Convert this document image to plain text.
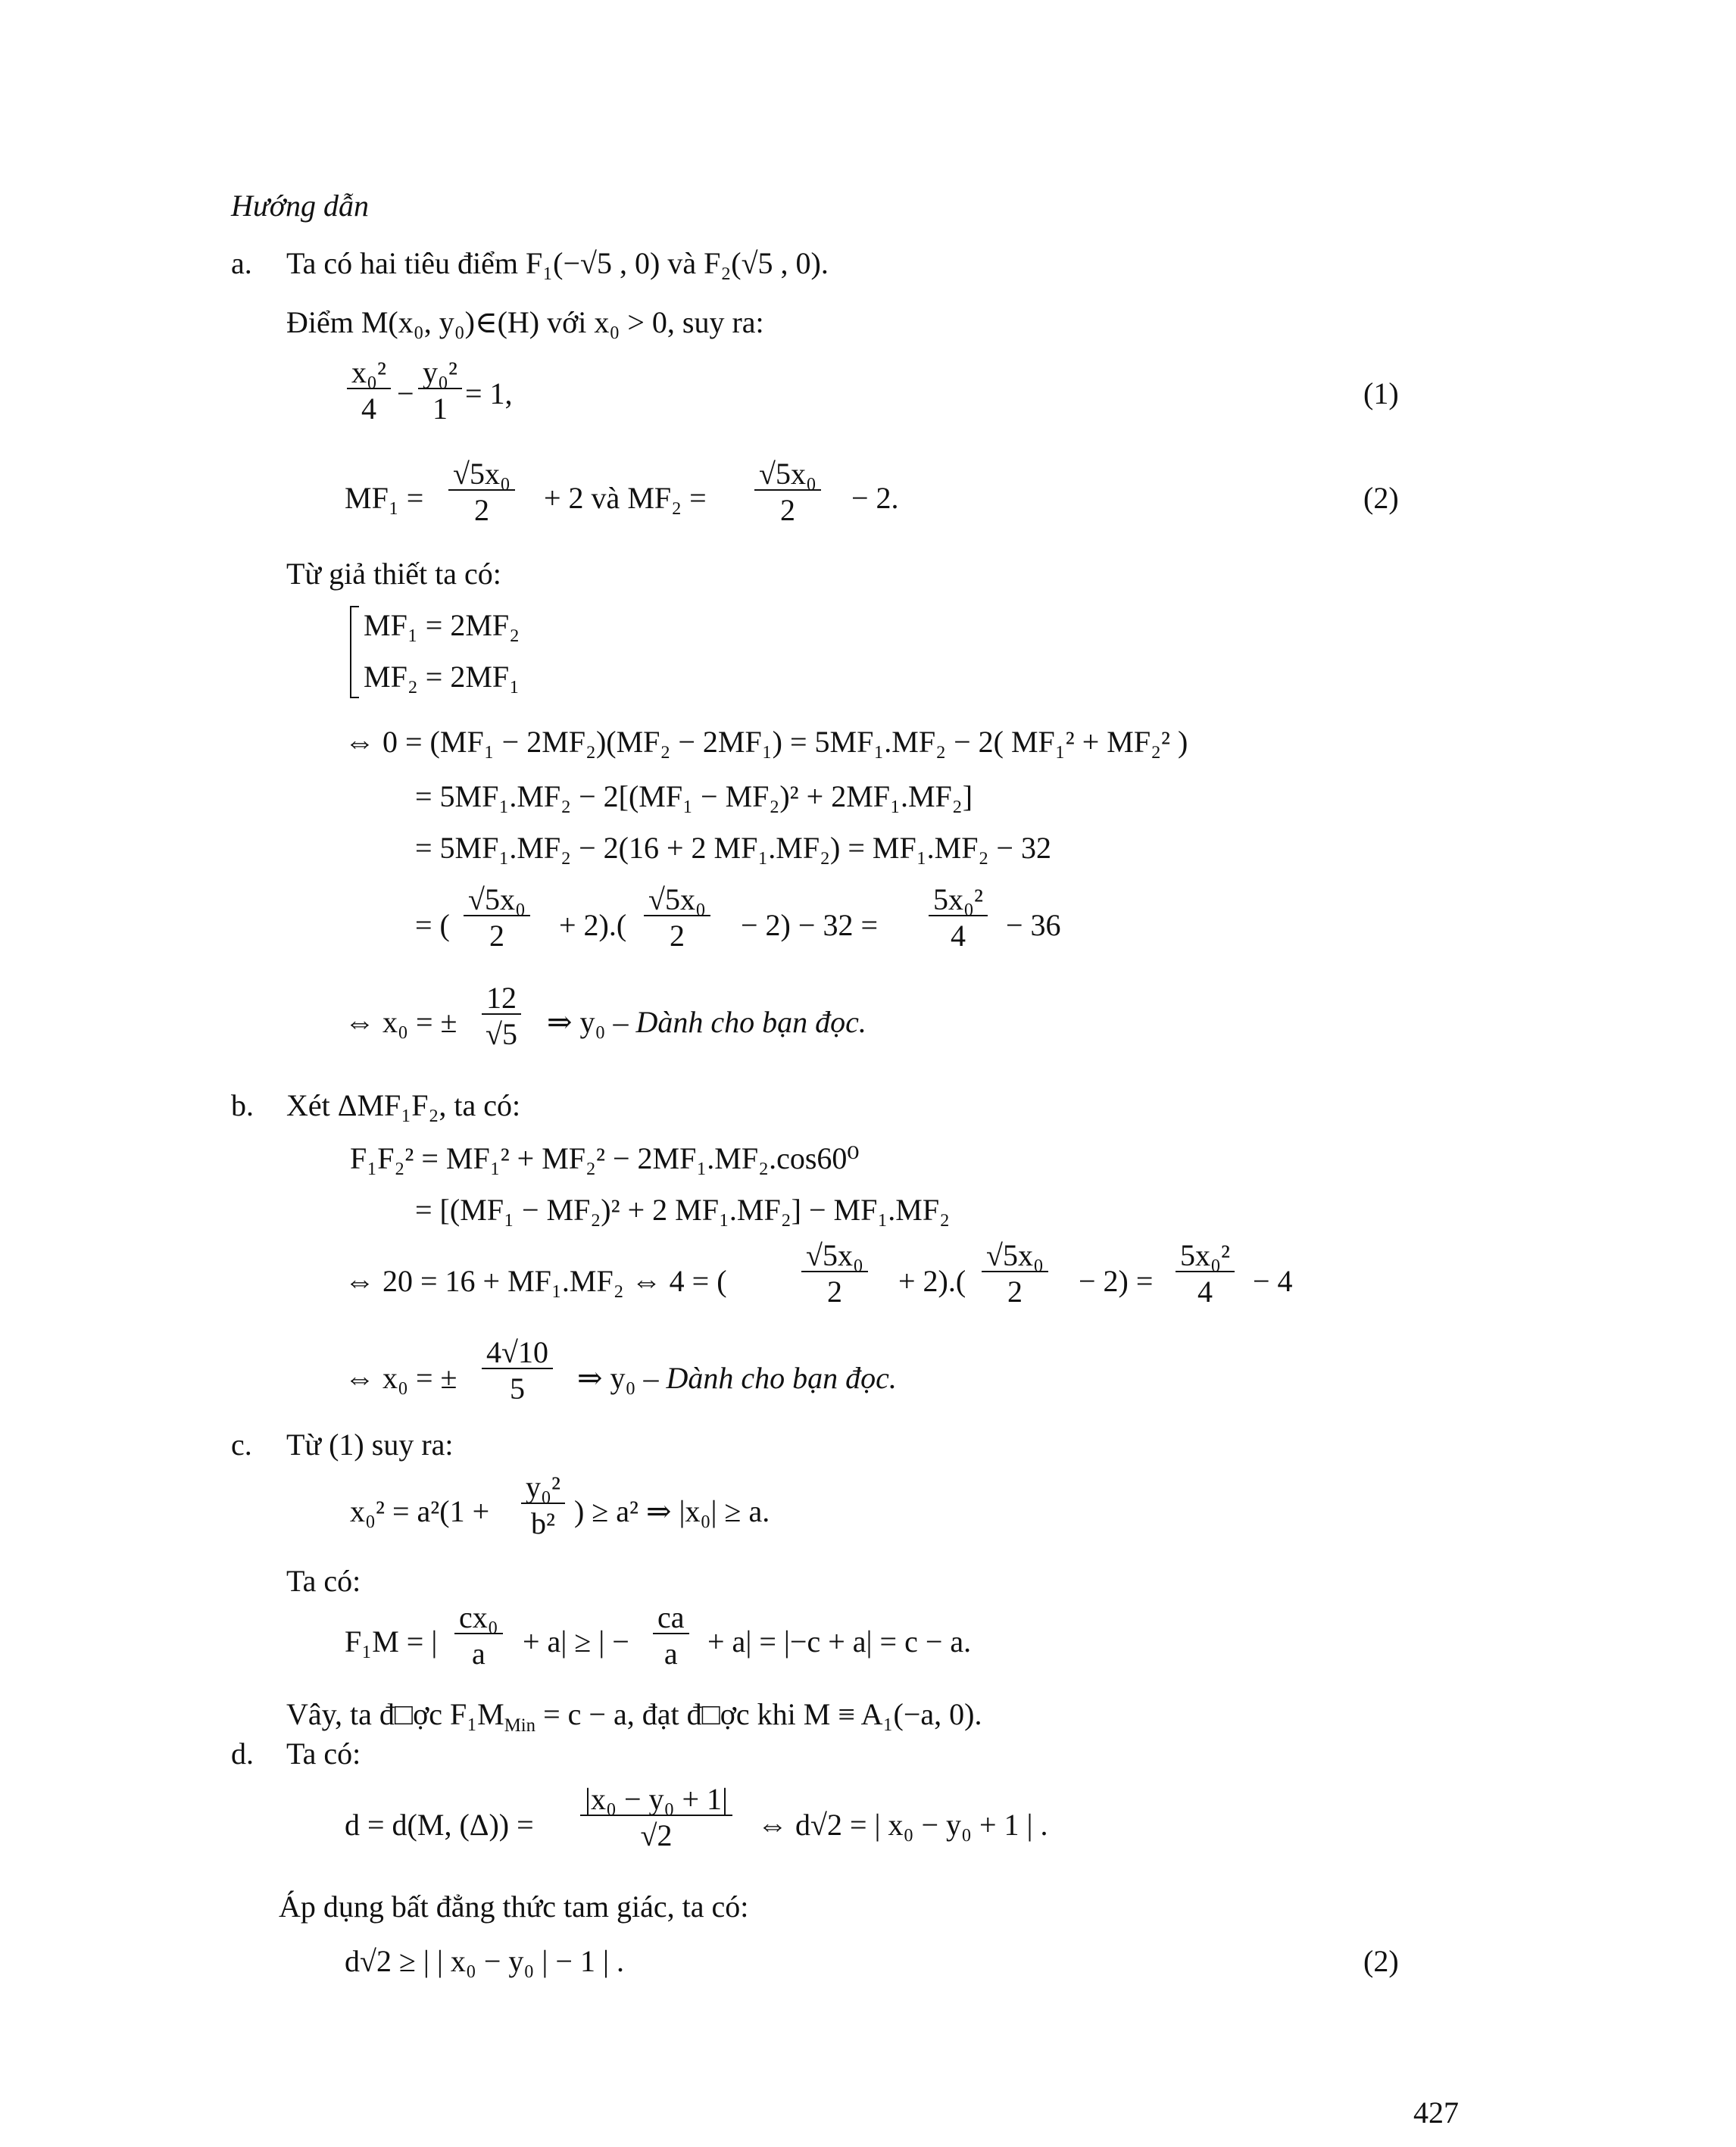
Hướng dẫn
a. Ta có hai tiêu điểm F₁(−√5 , 0) và F₂(√5 , 0).
Điểm M(x₀, y₀)∈(H) với x₀ > 0, suy ra:
$\frac{\text{x₀²}}{4} - \frac{\text{y₀²}}{1} = 1$,	(1)
$MF_1 = \frac{\text{√5x₀}}{2} + 2$ và $MF_2 = \frac{\text{√5x₀}}{2} - 2$.	(2)
Từ giả thiết ta có:
MF₁ = 2MF₂
MF₂ = 2MF₁
⇔ 0 = (MF₁ − 2MF₂)(MF₂ − 2MF₁) = 5MF₁.MF₂ − 2( MF₁² + MF₂² )
= 5MF₁.MF₂ − 2[(MF₁ − MF₂)² + 2MF₁.MF₂]
= 5MF₁.MF₂ − 2(16 + 2 MF₁.MF₂) = MF₁.MF₂ − 32
= ( $\frac{\text{√5x₀}}{2} + 2).( \frac{\text{√5x₀}}{2} - 2) - 32 = \frac{\text{5x₀²}}{4} - 36$
⇔ x₀ = ± $\frac{12}{√5}$ ⇒ y₀ – Dành cho bạn đọc.
b. Xét ΔMF₁F₂, ta có:
F₁F₂² = MF₁² + MF₂² − 2MF₁.MF₂.cos60⁰
= [(MF₁ − MF₂)² + 2 MF₁.MF₂] − MF₁.MF₂
⇔ 20 = 16 + MF₁.MF₂ ⇔ 4 = ( $\frac{\text{√5x₀}}{2} + 2).( \frac{\text{√5x₀}}{2} - 2) = \frac{\text{5x₀²}}{4} - 4$
⇔ x₀ = ± $\frac{4√10}{5}$ ⇒ y₀ – Dành cho bạn đọc.
c. Từ (1) suy ra:
$x_0^2 = a^2(1 + \frac{\text{y₀²}}{\text{b²}}$ ) ≥ a² ⇒ |x₀| ≥ a.
Ta có:
F₁M = | $\frac{\text{cx₀}}{a} + a|$ ≥ | − $\frac{ca}{a} + a| = |-c + a| = c - a$.
Vây, ta đ□ợc $F_1M_{Min} = c - a$, đạt đ□ợc khi M ≡ A₁(−a, 0).
d. Ta có:
d = d(M, $(\Delta)) = \frac{\text{|x₀ − y₀ + 1|}}{√2}$ ⇔ d√2 = | x₀ − y₀ + 1 | .
Áp dụng bất đẳng thức tam giác, ta có:
d√2 ≥ | | x₀ − y₀ | − 1 | .	(2)
427
